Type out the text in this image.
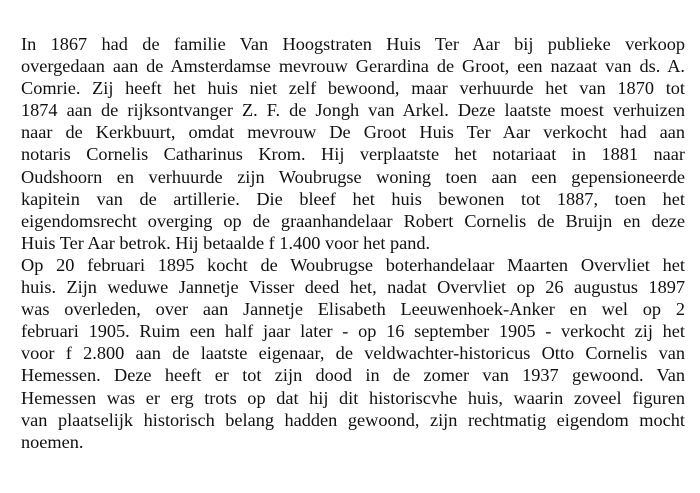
In 1867 had de familie Van Hoogstraten Huis Ter Aar bij publieke verkoop
overgedaan aan de Amsterdamse mevrouw Gerardina de Groot, een nazaat van ds. A.
Comrie. Zij heeft het huis niet zelf bewoond, maar verhuurde het van 1870 tot
1874 aan de rijksontvanger Z. F. de Jongh van Arkel. Deze laatste moest verhuizen
naar de Kerkbuurt, omdat mevrouw De Groot Huis Ter Aar verkocht had aan
notaris Cornelis Catharinus Krom. Hij verplaatste het notariaat in 1881 naar
Oudshoorn en verhuurde zijn Woubrugse woning toen aan een gepensioneerde
kapitein van de artillerie. Die bleef het huis bewonen tot 1887, toen het
eigendomsrecht overging op de graanhandelaar Robert Cornelis de Bruijn en deze
Huis Ter Aar betrok. Hij betaalde f 1.400 voor het pand.
Op 20 februari 1895 kocht de Woubrugse boterhandelaar Maarten Overvliet het
huis. Zijn weduwe Jannetje Visser deed het, nadat Overvliet op 26 augustus 1897
was overleden, over aan Jannetje Elisabeth Leeuwenhoek-Anker en wel op 2
februari 1905. Ruim een half jaar later - op 16 september 1905 - verkocht zij het
voor f 2.800 aan de laatste eigenaar, de veldwachter-historicus Otto Cornelis van
Hemessen. Deze heeft er tot zijn dood in de zomer van 1937 gewoond. Van
Hemessen was er erg trots op dat hij dit historiscvhe huis, waarin zoveel figuren
van plaatselijk historisch belang hadden gewoond, zijn rechtmatig eigendom mocht
noemen.
